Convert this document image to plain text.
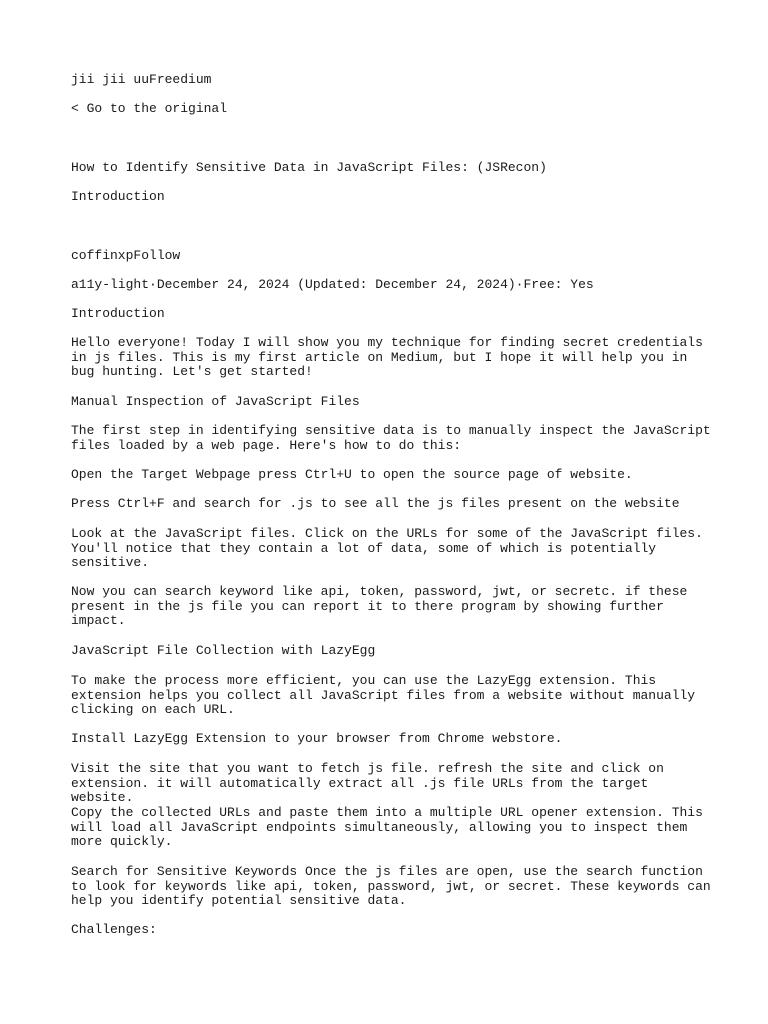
jii jii uuFreedium

< Go to the original

How to Identify Sensitive Data in JavaScript Files: (JSRecon)

Introduction

coffinxpFollow

a11y-light·December 24, 2024 (Updated: December 24, 2024)·Free: Yes

Introduction

Hello everyone! Today I will show you my technique for finding secret credentials in js files. This is my first article on Medium, but I hope it will help you in bug hunting. Let's get started!

Manual Inspection of JavaScript Files

The first step in identifying sensitive data is to manually inspect the JavaScript files loaded by a web page. Here's how to do this:

Open the Target Webpage press Ctrl+U to open the source page of website.

Press Ctrl+F and search for .js to see all the js files present on the website

Look at the JavaScript files. Click on the URLs for some of the JavaScript files. You'll notice that they contain a lot of data, some of which is potentially sensitive.

Now you can search keyword like api, token, password, jwt, or secretc. if these present in the js file you can report it to there program by showing further impact.

JavaScript File Collection with LazyEgg

To make the process more efficient, you can use the LazyEgg extension. This extension helps you collect all JavaScript files from a website without manually clicking on each URL.

Install LazyEgg Extension to your browser from Chrome webstore.

Visit the site that you want to fetch js file. refresh the site and click on extension. it will automatically extract all .js file URLs from the target website.

Copy the collected URLs and paste them into a multiple URL opener extension. This will load all JavaScript endpoints simultaneously, allowing you to inspect them more quickly.

Search for Sensitive Keywords Once the js files are open, use the search function to look for keywords like api, token, password, jwt, or secret. These keywords can help you identify potential sensitive data.

Challenges:
